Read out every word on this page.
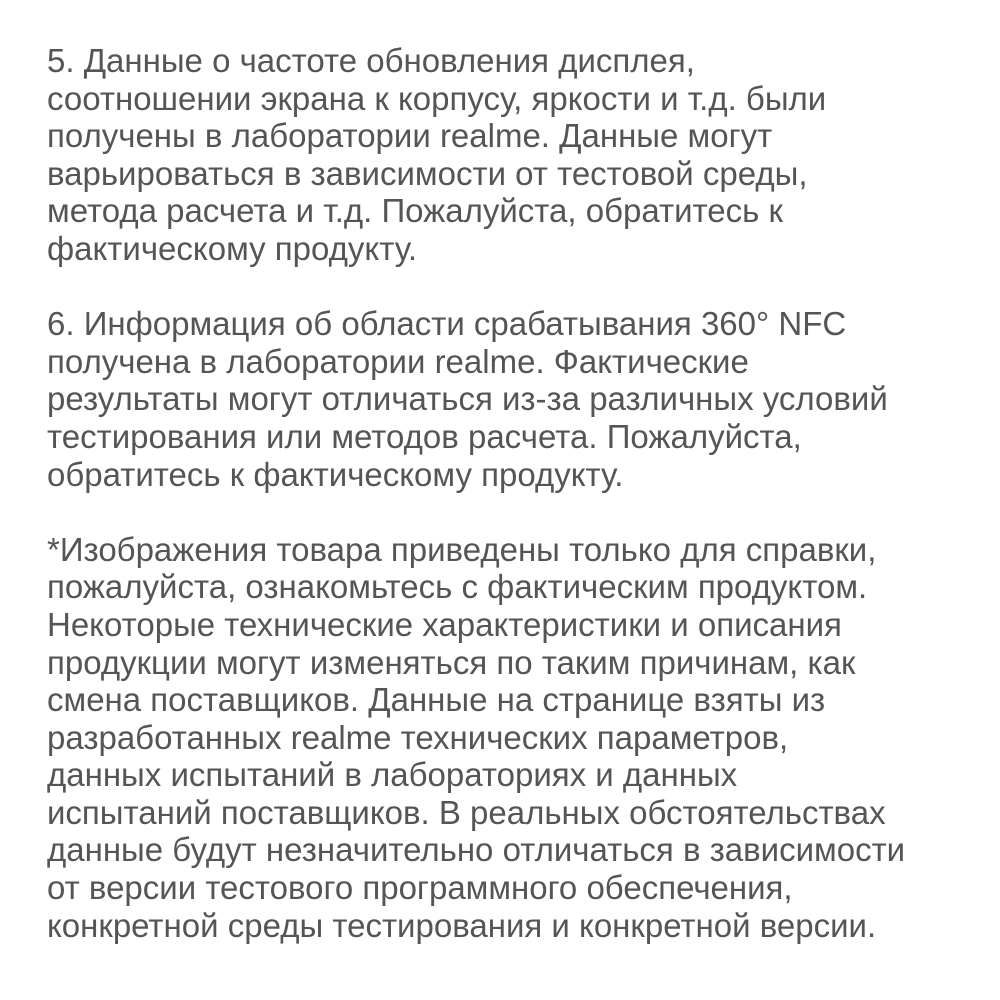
5. Данные о частоте обновления дисплея,
соотношении экрана к корпусу, яркости и т.д. были
получены в лаборатории realme. Данные могут
варьироваться в зависимости от тестовой среды,
метода расчета и т.д. Пожалуйста, обратитесь к
фактическому продукту.
6. Информация об области срабатывания 360° NFC
получена в лаборатории realme. Фактические
результаты могут отличаться из-за различных условий
тестирования или методов расчета. Пожалуйста,
обратитесь к фактическому продукту.
*Изображения товара приведены только для справки,
пожалуйста, ознакомьтесь с фактическим продуктом.
Некоторые технические характеристики и описания
продукции могут изменяться по таким причинам, как
смена поставщиков. Данные на странице взяты из
разработанных realme технических параметров,
данных испытаний в лабораториях и данных
испытаний поставщиков. В реальных обстоятельствах
данные будут незначительно отличаться в зависимости
от версии тестового программного обеспечения,
конкретной среды тестирования и конкретной версии.
